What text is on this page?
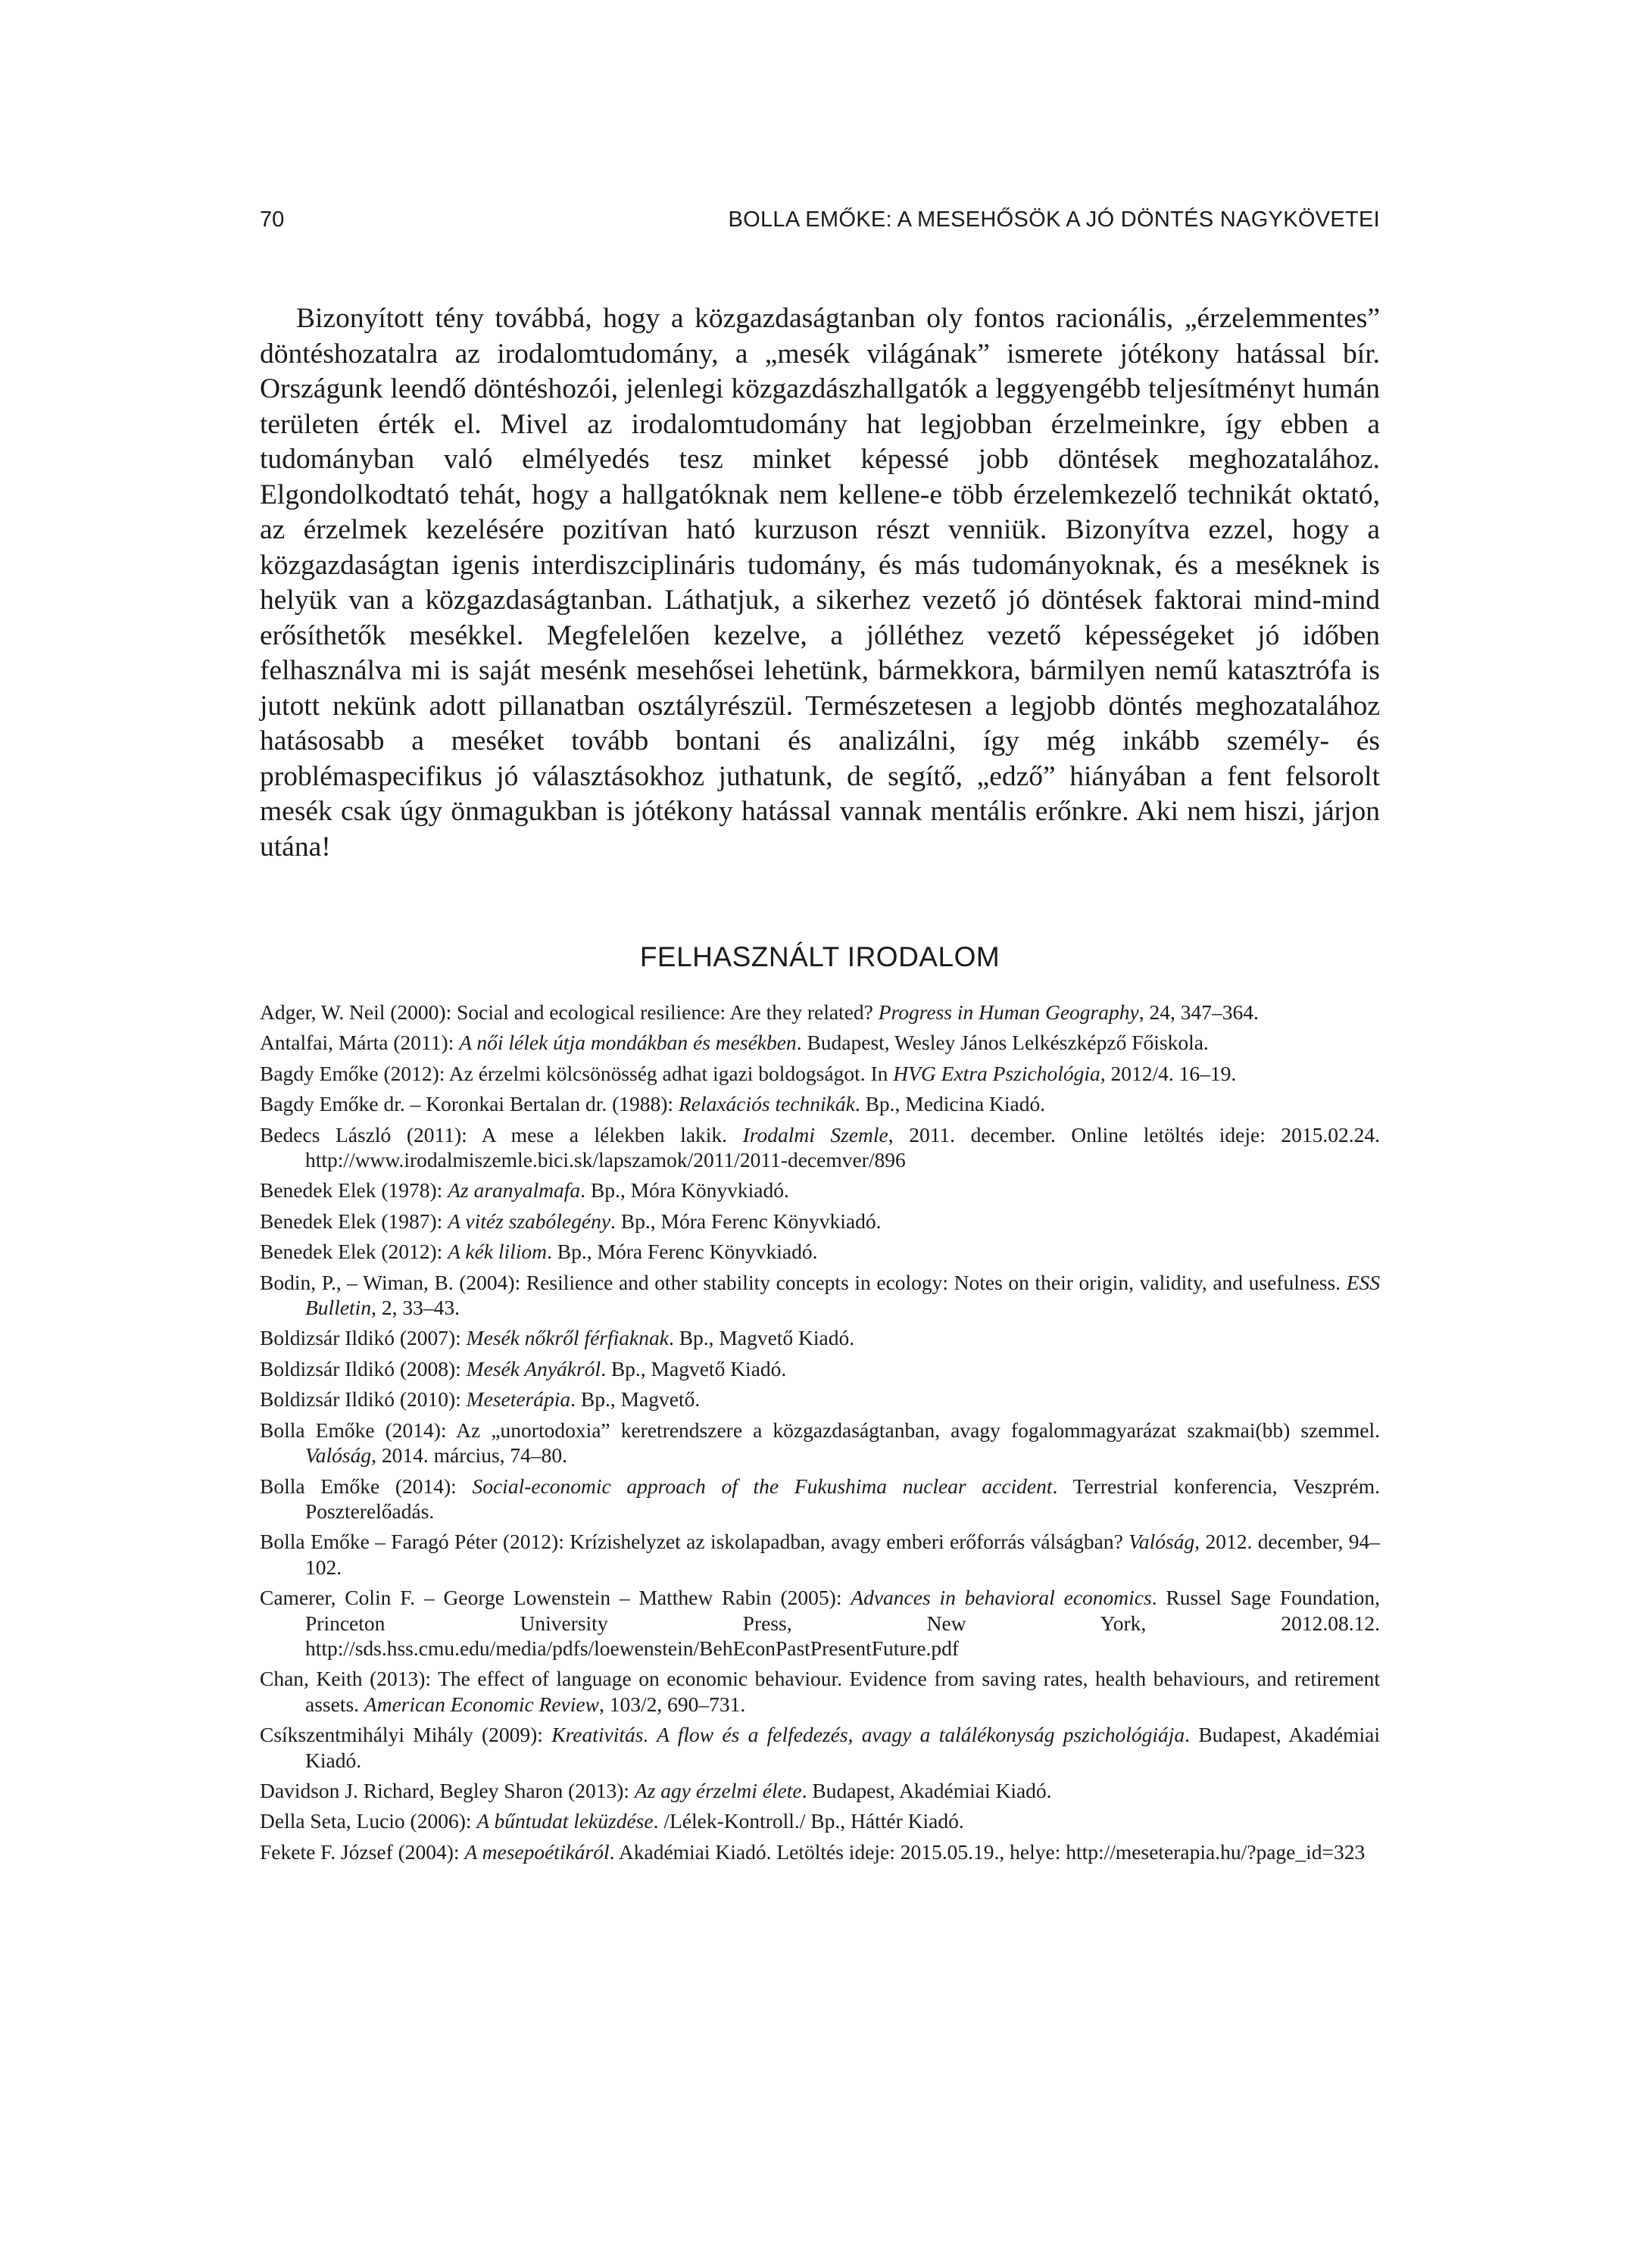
70	BOLLA EMŐKE: A MESEHŐSÖK A JÓ DÖNTÉS NAGYKÖVETEI

Bizonyított tény továbbá, hogy a közgazdaságtanban oly fontos racionális, „érzelemmentes” döntéshozatalra az irodalomtudomány, a „mesék világának” ismerete jótékony hatással bír. Országunk leendő döntéshozói, jelenlegi közgazdászhallgatók a leggyengébb teljesítményt humán területen érték el. Mivel az irodalomtudomány hat legjobban érzelmeinkre, így ebben a tudományban való elmélyedés tesz minket képessé jobb döntések meghozatalához. Elgondolkodtató tehát, hogy a hallgatóknak nem kellene-e több érzelemkezelő technikát oktató, az érzelmek kezelésére pozitívan ható kurzuson részt venniük. Bizonyítva ezzel, hogy a közgazdaságtan igenis interdiszciplináris tudomány, és más tudományoknak, és a meséknek is helyük van a közgazdaságtanban. Láthatjuk, a sikerhez vezető jó döntések faktorai mind-mind erősíthetők mesékkel. Megfelelően kezelve, a jólléthez vezető képességeket jó időben felhasználva mi is saját mesénk mesehősei lehetünk, bármekkora, bármilyen nemű katasztrófa is jutott nekünk adott pillanatban osztályrészül. Természetesen a legjobb döntés meghozatalához hatásosabb a meséket tovább bontani és analizálni, így még inkább személy- és problémaspecifikus jó választásokhoz juthatunk, de segítő, „edző” hiányában a fent felsorolt mesék csak úgy önmagukban is jótékony hatással vannak mentális erőnkre. Aki nem hiszi, járjon utána!

FELHASZNÁLT IRODALOM
Adger, W. Neil (2000): Social and ecological resilience: Are they related? Progress in Human Geography, 24, 347–364.
Antalfai, Márta (2011): A női lélek útja mondákban és mesékben. Budapest, Wesley János Lelkészképző Főiskola.
Bagdy Emőke (2012): Az érzelmi kölcsönösség adhat igazi boldogságot. In HVG Extra Pszichológia, 2012/4. 16–19.
Bagdy Emőke dr. – Koronkai Bertalan dr. (1988): Relaxációs technikák. Bp., Medicina Kiadó.
Bedecs László (2011): A mese a lélekben lakik. Irodalmi Szemle, 2011. december. Online letöltés ideje: 2015.02.24. http://www.irodalmiszemle.bici.sk/lapszamok/2011/2011-decemver/896
Benedek Elek (1978): Az aranyalmafa. Bp., Móra Könyvkiadó.
Benedek Elek (1987): A vitéz szabólegény. Bp., Móra Ferenc Könyvkiadó.
Benedek Elek (2012): A kék liliom. Bp., Móra Ferenc Könyvkiadó.
Bodin, P., – Wiman, B. (2004): Resilience and other stability concepts in ecology: Notes on their origin, validity, and usefulness. ESS Bulletin, 2, 33–43.
Boldizsár Ildikó (2007): Mesék nőkről férfiaknak. Bp., Magvető Kiadó.
Boldizsár Ildikó (2008): Mesék Anyákról. Bp., Magvető Kiadó.
Boldizsár Ildikó (2010): Meseterápia. Bp., Magvető.
Bolla Emőke (2014): Az „unortodoxia” keretrendszere a közgazdaságtanban, avagy fogalommagyarázat szakmai(bb) szemmel. Valóság, 2014. március, 74–80.
Bolla Emőke (2014): Social-economic approach of the Fukushima nuclear accident. Terrestrial konferencia, Veszprém. Poszterelőadás.
Bolla Emőke – Faragó Péter (2012): Krízishelyzet az iskolapadban, avagy emberi erőforrás válságban? Valóság, 2012. december, 94–102.
Camerer, Colin F. – George Lowenstein – Matthew Rabin (2005): Advances in behavioral economics. Russel Sage Foundation, Princeton University Press, New York, 2012.08.12. http://sds.hss.cmu.edu/media/pdfs/loewenstein/BehEconPastPresentFuture.pdf
Chan, Keith (2013): The effect of language on economic behaviour. Evidence from saving rates, health behaviours, and retirement assets. American Economic Review, 103/2, 690–731.
Csíkszentmihályi Mihály (2009): Kreativitás. A flow és a felfedezés, avagy a találékonyság pszichológiája. Budapest, Akadémiai Kiadó.
Davidson J. Richard, Begley Sharon (2013): Az agy érzelmi élete. Budapest, Akadémiai Kiadó.
Della Seta, Lucio (2006): A bűntudat leküzdése. /Lélek-Kontroll./ Bp., Háttér Kiadó.
Fekete F. József (2004): A mesepoétikáról. Akadémiai Kiadó. Letöltés ideje: 2015.05.19., helye: http://meseterapia.hu/?page_id=323
